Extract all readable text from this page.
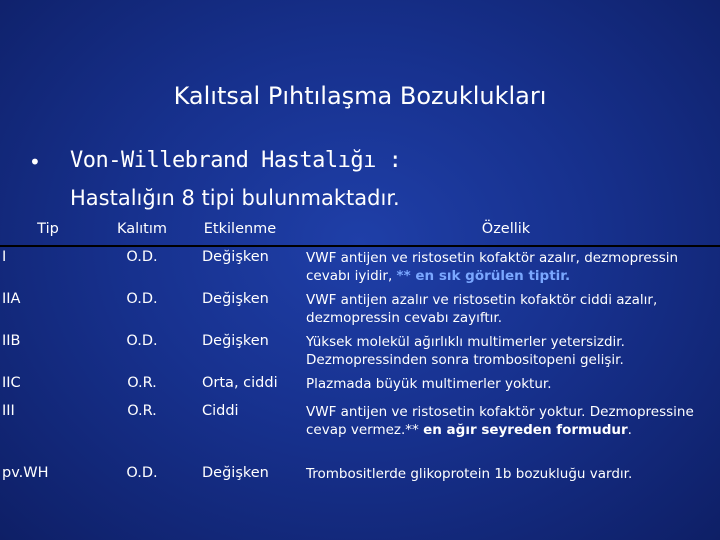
Kalıtsal Pıhtılaşma Bozuklukları
• Von-Willebrand Hastalığı :
Hastalığın 8 tipi bulunmaktadır.
Tip	Kalıtım	Etkilenme	Özellik
I	O.D.	Değişken	VWF antijen ve ristosetin kofaktör azalır, dezmopressin cevabı iyidir, ** en sık görülen tiptir.
IIA	O.D.	Değişken	VWF antijen azalır ve ristosetin kofaktör ciddi azalır, dezmopressin cevabı zayıftır.
IIB	O.D.	Değişken	Yüksek molekül ağırlıklı multimerler yetersizdir. Dezmopressinden sonra trombositopeni gelişir.
IIC	O.R.	Orta, ciddi	Plazmada büyük multimerler yoktur.
III	O.R.	Ciddi	VWF antijen ve ristosetin kofaktör yoktur. Dezmopressine cevap vermez.** en ağır seyreden formudur.
pv.WH	O.D.	Değişken	Trombositlerde glikoprotein 1b bozukluğu vardır.
